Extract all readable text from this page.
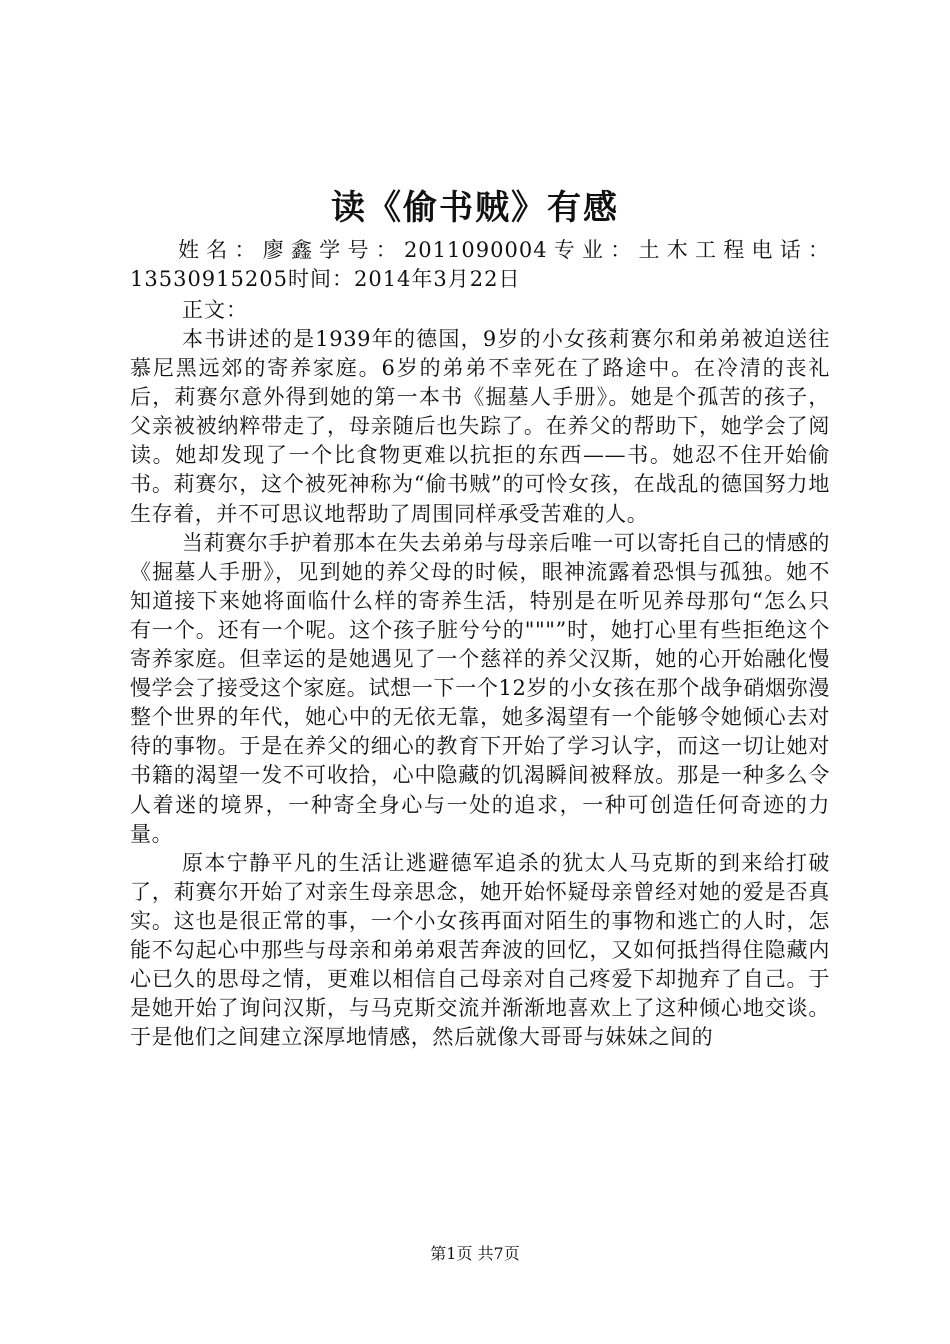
读《偷书贼》有感
姓名：廖鑫学号：2011090004专业：土木工程电话：13530915205时间：2014年3月22日
正文：

本书讲述的是1939年的德国，9岁的小女孩莉赛尔和弟弟被迫送往慕尼黑远郊的寄养家庭。6岁的弟弟不幸死在了路途中。在冷清的丧礼后，莉赛尔意外得到她的第一本书《掘墓人手册》。她是个孤苦的孩子，父亲被被纳粹带走了，母亲随后也失踪了。在养父的帮助下，她学会了阅读。她却发现了一个比食物更难以抗拒的东西——书。她忍不住开始偷书。莉赛尔，这个被死神称为“偷书贼”的可怜女孩，在战乱的德国努力地生存着，并不可思议地帮助了周围同样承受苦难的人。

当莉赛尔手护着那本在失去弟弟与母亲后唯一可以寄托自己的情感的《掘墓人手册》，见到她的养父母的时候，眼神流露着恐惧与孤独。她不知道接下来她将面临什么样的寄养生活，特别是在听见养母那句“怎么只有一个。还有一个呢。这个孩子脏兮兮的"""”时，她打心里有些拒绝这个寄养家庭。但幸运的是她遇见了一个慈祥的养父汉斯，她的心开始融化慢慢学会了接受这个家庭。试想一下一个12岁的小女孩在那个战争硝烟弥漫整个世界的年代，她心中的无依无靠，她多渴望有一个能够令她倾心去对待的事物。于是在养父的细心的教育下开始了学习认字，而这一切让她对书籍的渴望一发不可收拾，心中隐藏的饥渴瞬间被释放。那是一种多么令人着迷的境界，一种寄全身心与一处的追求，一种可创造任何奇迹的力量。

原本宁静平凡的生活让逃避德军追杀的犹太人马克斯的到来给打破了，莉赛尔开始了对亲生母亲思念，她开始怀疑母亲曾经对她的爱是否真实。这也是很正常的事，一个小女孩再面对陌生的事物和逃亡的人时，怎能不勾起心中那些与母亲和弟弟艰苦奔波的回忆，又如何抵挡得住隐藏内心已久的思母之情，更难以相信自己母亲对自己疼爱下却抛弃了自己。于是她开始了询问汉斯，与马克斯交流并渐渐地喜欢上了这种倾心地交谈。于是他们之间建立深厚地情感，然后就像大哥哥与妹妹之间的

第1页 共7页
